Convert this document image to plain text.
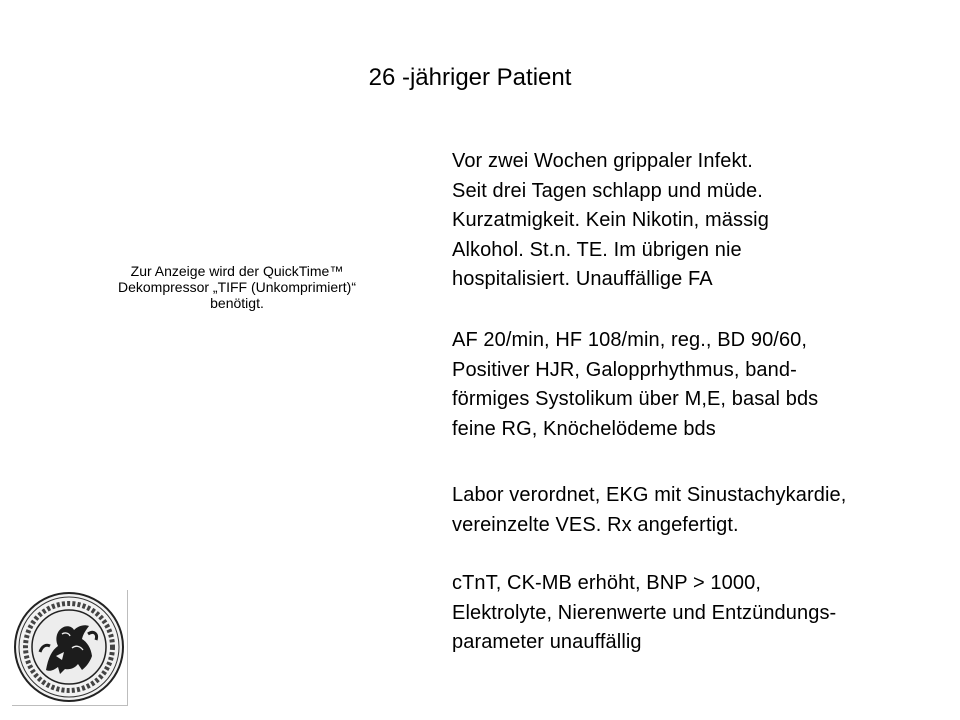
26 -jähriger Patient
Zur Anzeige wird der QuickTime™
Dekompressor „TIFF (Unkomprimiert)“
benötigt.
Vor zwei Wochen grippaler Infekt.
Seit drei Tagen schlapp und müde.
Kurzatmigkeit. Kein Nikotin, mässig
Alkohol. St.n. TE. Im übrigen nie
hospitalisiert. Unauffällige FA
AF 20/min, HF 108/min, reg., BD 90/60,
Positiver HJR, Galopprhythmus, band-
förmiges Systolikum über M,E, basal bds
feine RG, Knöchelödeme bds
Labor verordnet, EKG mit Sinustachykardie,
vereinzelte VES. Rx angefertigt.
cTnT, CK-MB erhöht, BNP > 1000,
Elektrolyte, Nierenwerte und Entzündungs-
parameter unauffällig
